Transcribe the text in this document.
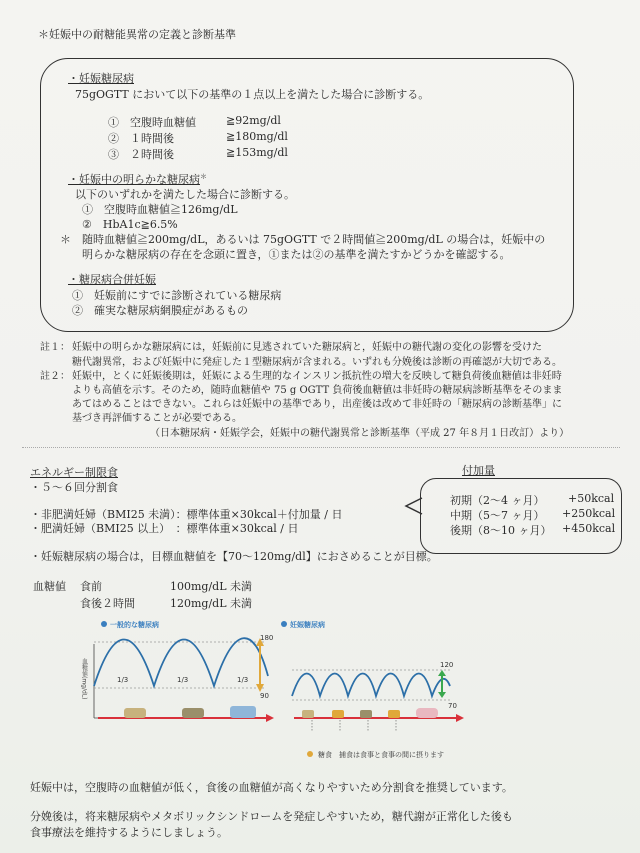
＊妊娠中の耐糖能異常の定義と診断基準
・妊娠糖尿病
75gOGTT において以下の基準の１点以上を満たした場合に診断する。
①　空腹時血糖値	≧92mg/dl
②　１時間後	≧180mg/dl
③　２時間後	≧153mg/dl
・妊娠中の明らかな糖尿病＊
以下のいずれかを満たした場合に診断する。
①　空腹時血糖値≧126mg/dL
②　HbA1c≧6.5%
＊ 随時血糖値≧200mg/dL，あるいは 75gOGTT で２時間値≧200mg/dL の場合は，妊娠中の
明らかな糖尿病の存在を念頭に置き，①または②の基準を満たすかどうかを確認する。
・糖尿病合併妊娠
①　妊娠前にすでに診断されている糖尿病
②　確実な糖尿病網膜症があるもの
註１： 妊娠中の明らかな糖尿病には，妊娠前に見逃されていた糖尿病と，妊娠中の糖代謝の変化の影響を受けた
糖代謝異常，および妊娠中に発症した１型糖尿病が含まれる。いずれも分娩後は診断の再確認が大切である。
註２： 妊娠中，とくに妊娠後期は，妊娠による生理的なインスリン抵抗性の増大を反映して糖負荷後血糖値は非妊時
よりも高値を示す。そのため，随時血糖値や 75 g OGTT 負荷後血糖値は非妊時の糖尿病診断基準をそのまま
あてはめることはできない。これらは妊娠中の基準であり，出産後は改めて非妊時の「糖尿病の診断基準」に
基づき再評価することが必要である。
（日本糖尿病・妊娠学会，妊娠中の糖代謝異常と診断基準（平成 27 年８月１日改訂）より）
エネルギー制限食
・５〜６回分割食
・非肥満妊婦（BMI25 未満）：標準体重×30kcal＋付加量 / 日
・肥満妊婦（BMI25 以上）　：標準体重×30kcal / 日
付加量
初期（2〜4 ヶ月） +50kcal
中期（5〜7 ヶ月） +250kcal
後期（8〜10 ヶ月） +450kcal
・妊娠糖尿病の場合は，目標血糖値を【70〜120mg/dl】におさめることが目標。
血糖値 食前	100mg/dL 未満
食後２時間	120mg/dL 未満
一般的な糖尿病
血糖値(mg/dL)	1/3	1/3	1/3
180
90
妊娠糖尿病
120
70
糖食　捕食は食事と食事の間に摂ります
妊娠中は，空腹時の血糖値が低く，食後の血糖値が高くなりやすいため分割食を推奨しています。
分娩後は，将来糖尿病やメタボリックシンドロームを発症しやすいため，糖代謝が正常化した後も
食事療法を維持するようにしましょう。
